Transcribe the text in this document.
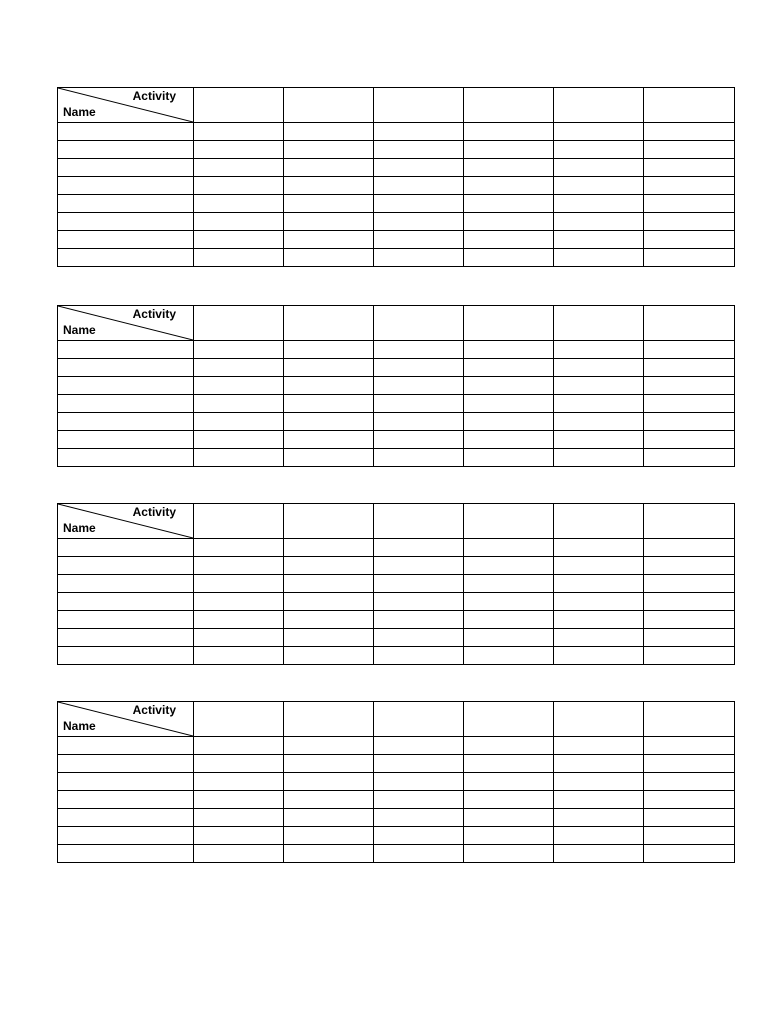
Activity
Name						

Activity
Name						

Activity
Name						

Activity
Name						
